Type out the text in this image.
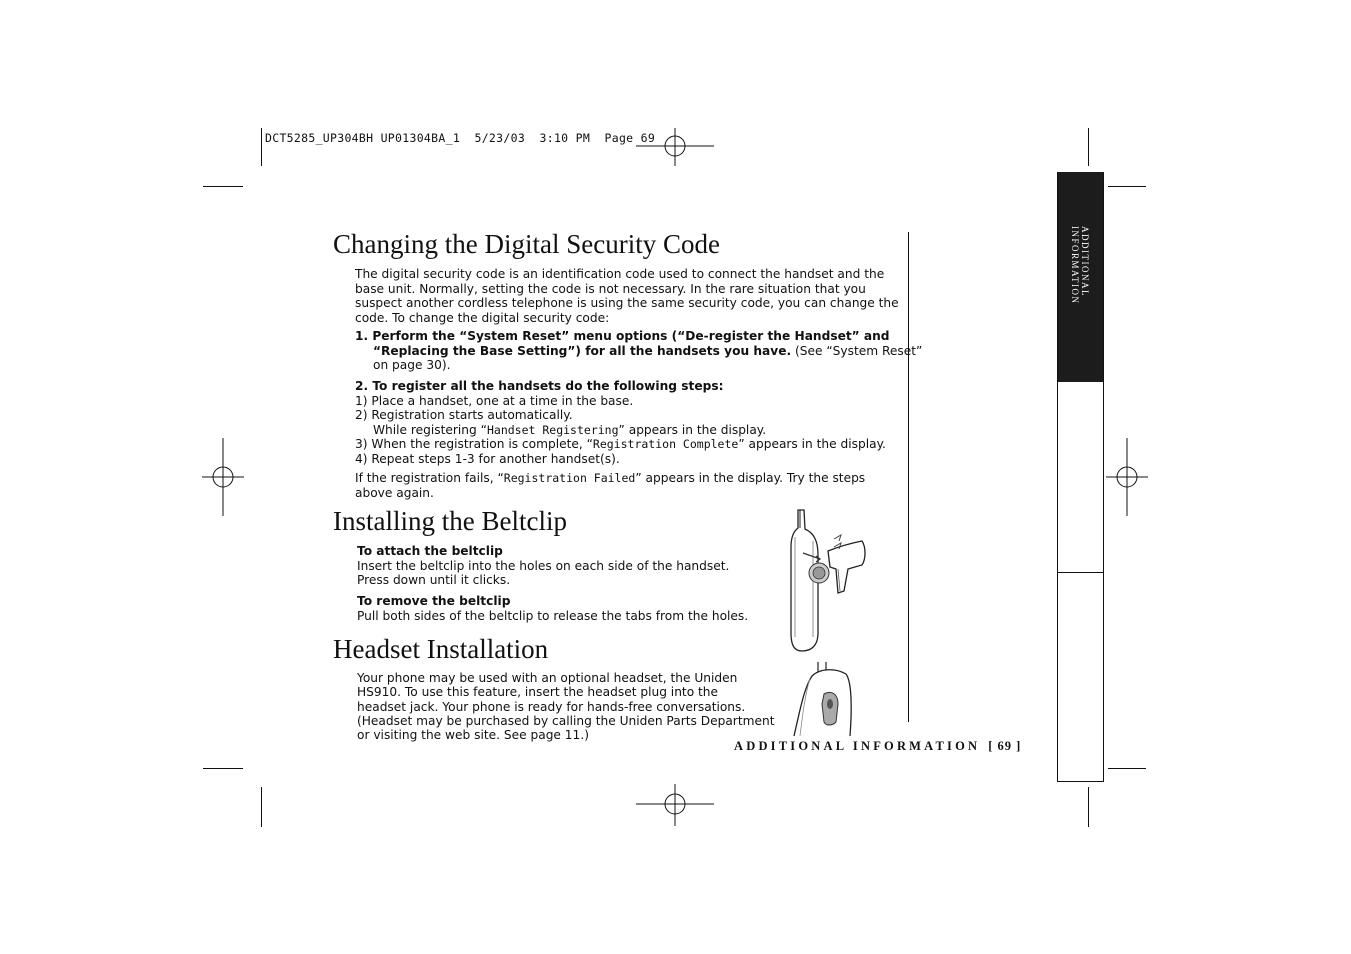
DCT5285_UP304BH UP01304BA_1  5/23/03  3:10 PM  Page 69
ADDITIONAL
INFORMATION
Changing the Digital Security Code
The digital security code is an identification code used to connect the handset and the
base unit. Normally, setting the code is not necessary. In the rare situation that you
suspect another cordless telephone is using the same security code, you can change the
code. To change the digital security code:
1. Perform the “System Reset” menu options (“De-register the Handset” and
“Replacing the Base Setting”) for all the handsets you have. (See “System Reset”
on page 30).
2. To register all the handsets do the following steps:
1) Place a handset, one at a time in the base.
2) Registration starts automatically.
While registering “Handset Registering” appears in the display.
3) When the registration is complete, “Registration Complete” appears in the display.
4) Repeat steps 1-3 for another handset(s).
If the registration fails, “Registration Failed” appears in the display. Try the steps
above again.
Installing the Beltclip
To attach the beltclip
Insert the beltclip into the holes on each side of the handset.
Press down until it clicks.
To remove the beltclip
Pull both sides of the beltclip to release the tabs from the holes.
Headset Installation
Your phone may be used with an optional headset, the Uniden
HS910. To use this feature, insert the headset plug into the
headset jack. Your phone is ready for hands-free conversations.
(Headset may be purchased by calling the Uniden Parts Department
or visiting the web site. See page 11.)
ADDITIONAL INFORMATION [ 69 ]
